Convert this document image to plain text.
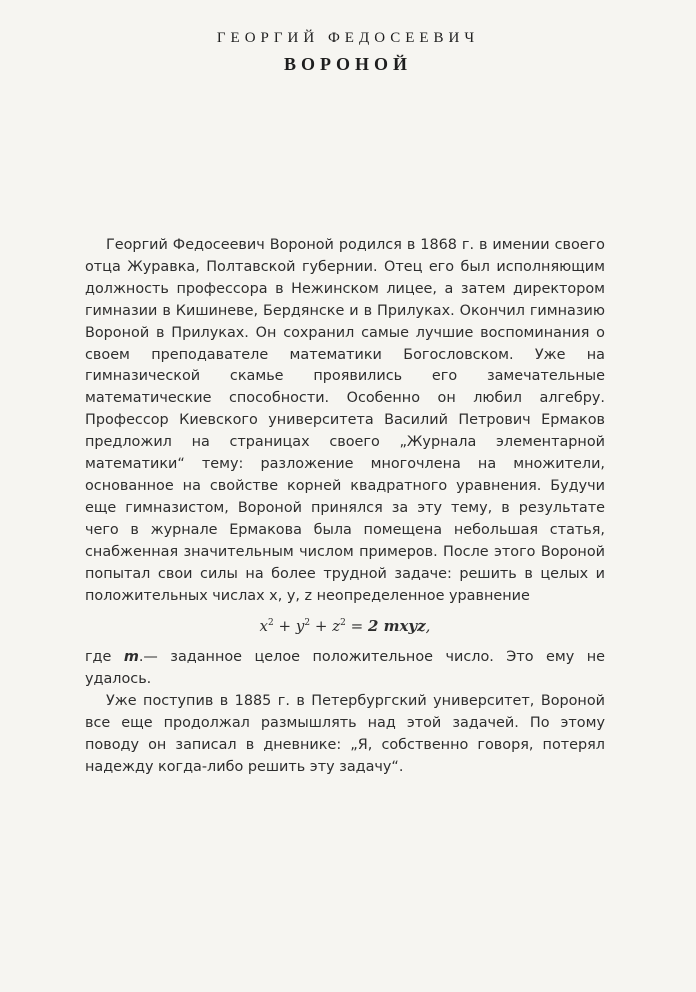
ГЕОРГИЙ ФЕДОСЕЕВИЧ
ВОРОНОЙ

Георгий Федосеевич Вороной родился в 1868 г. в имении своего отца Журавка, Полтавской губернии. Отец его был исполняющим должность профессора в Нежинском лицее, а затем директором гимназии в Кишиневе, Бердянске и в Прилуках. Окончил гимназию Вороной в Прилуках. Он сохранил самые лучшие воспоминания о своем преподавателе математики Богословском. Уже на гимназической скамье проявились его замечательные математические способности. Особенно он любил алгебру. Профессор Киевского университета Василий Петрович Ермаков предложил на страницах своего „Журнала элементарной математики“ тему: разложение многочлена на множители, основанное на свойстве корней квадратного уравнения. Будучи еще гимназистом, Вороной принялся за эту тему, в результате чего в журнале Ермакова была помещена небольшая статья, снабженная значительным числом примеров. После этого Вороной попытал свои силы на более трудной задаче: решить в целых и положительных числах x, y, z неопределенное уравнение

$x^2 + y^2 + z^2 = 2$ mxyz,

где m.— заданное целое положительное число. Это ему не удалось.

Уже поступив в 1885 г. в Петербургский университет, Вороной все еще продолжал размышлять над этой задачей. По этому поводу он записал в дневнике: „Я, собственно говоря, потерял надежду когда-либо решить эту задачу“.
